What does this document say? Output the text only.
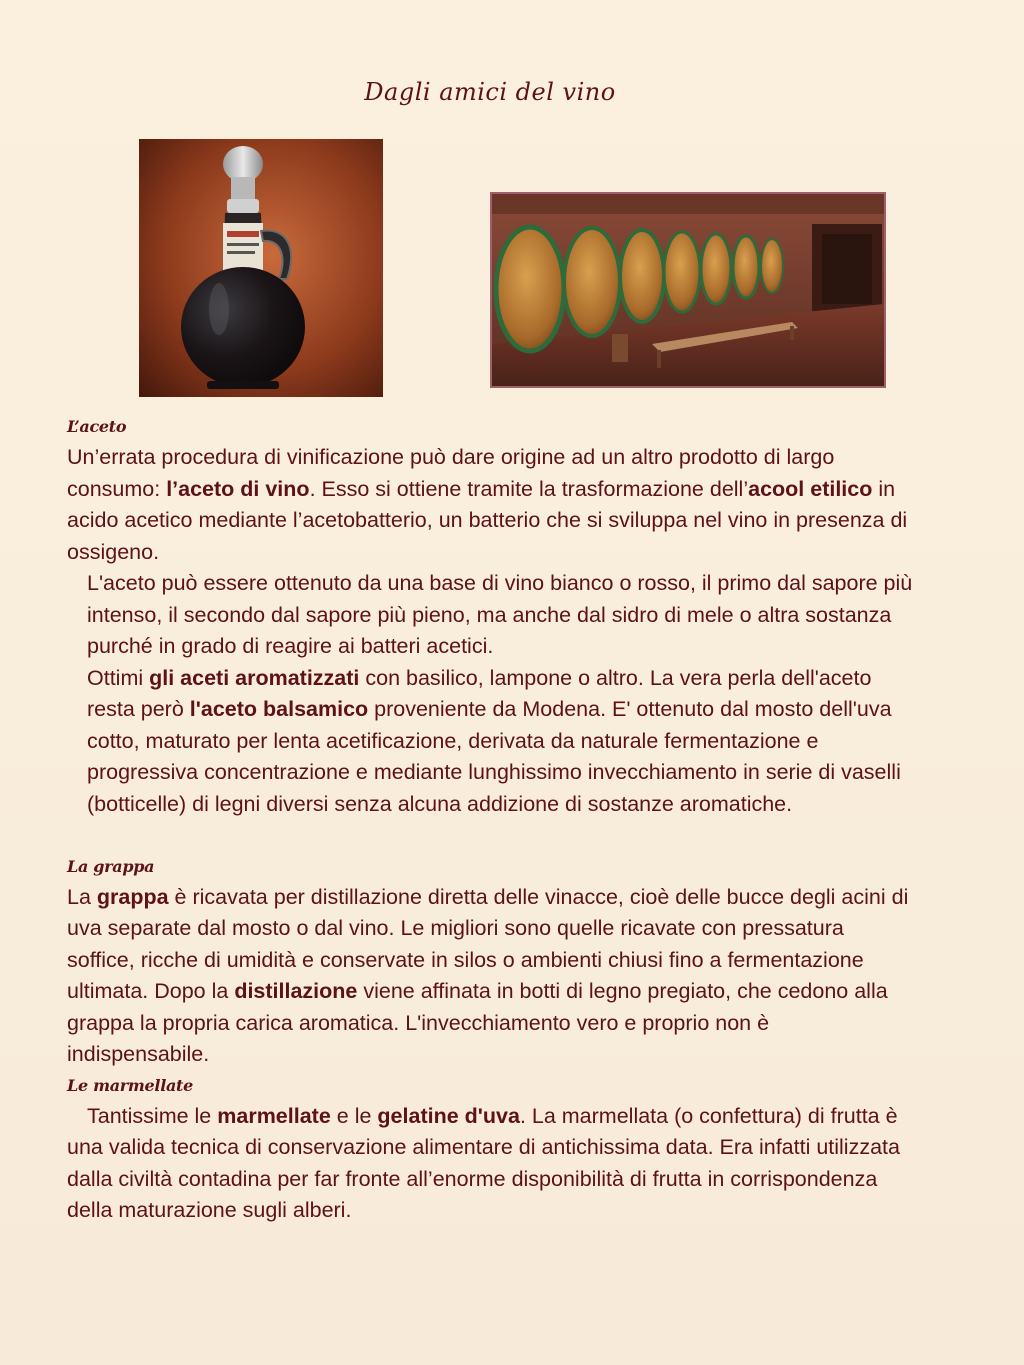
Dagli amici del vino
L’aceto

Un’errata procedura di vinificazione può dare origine ad un altro prodotto di largo consumo: l’aceto di vino. Esso si ottiene tramite la trasformazione dell’acool etilico in acido acetico mediante l’acetobatterio, un batterio che si sviluppa nel vino in presenza di ossigeno.

L'aceto può essere ottenuto da una base di vino bianco o rosso, il primo dal sapore più intenso, il secondo dal sapore più pieno, ma anche dal sidro di mele o altra sostanza purché in grado di reagire ai batteri acetici.

Ottimi gli aceti aromatizzati con basilico, lampone o altro. La vera perla dell'aceto resta però l'aceto balsamico proveniente da Modena. E' ottenuto dal mosto dell'uva cotto, maturato per lenta acetificazione, derivata da naturale fermentazione e progressiva concentrazione e mediante lunghissimo invecchiamento in serie di vaselli (botticelle) di legni diversi senza alcuna addizione di sostanze aromatiche.

La grappa

La grappa è ricavata per distillazione diretta delle vinacce, cioè delle bucce degli acini di uva separate dal mosto o dal vino. Le migliori sono quelle ricavate con pressatura soffice, ricche di umidità e conservate in silos o ambienti chiusi fino a fermentazione ultimata. Dopo la distillazione viene affinata in botti di legno pregiato, che cedono alla grappa la propria carica aromatica. L'invecchiamento vero e proprio non è indispensabile.

Le marmellate

Tantissime le marmellate e le gelatine d'uva. La marmellata (o confettura) di frutta è una valida tecnica di conservazione alimentare di antichissima data. Era infatti utilizzata dalla civiltà contadina per far fronte all’enorme disponibilità di frutta in corrispondenza della maturazione sugli alberi.
